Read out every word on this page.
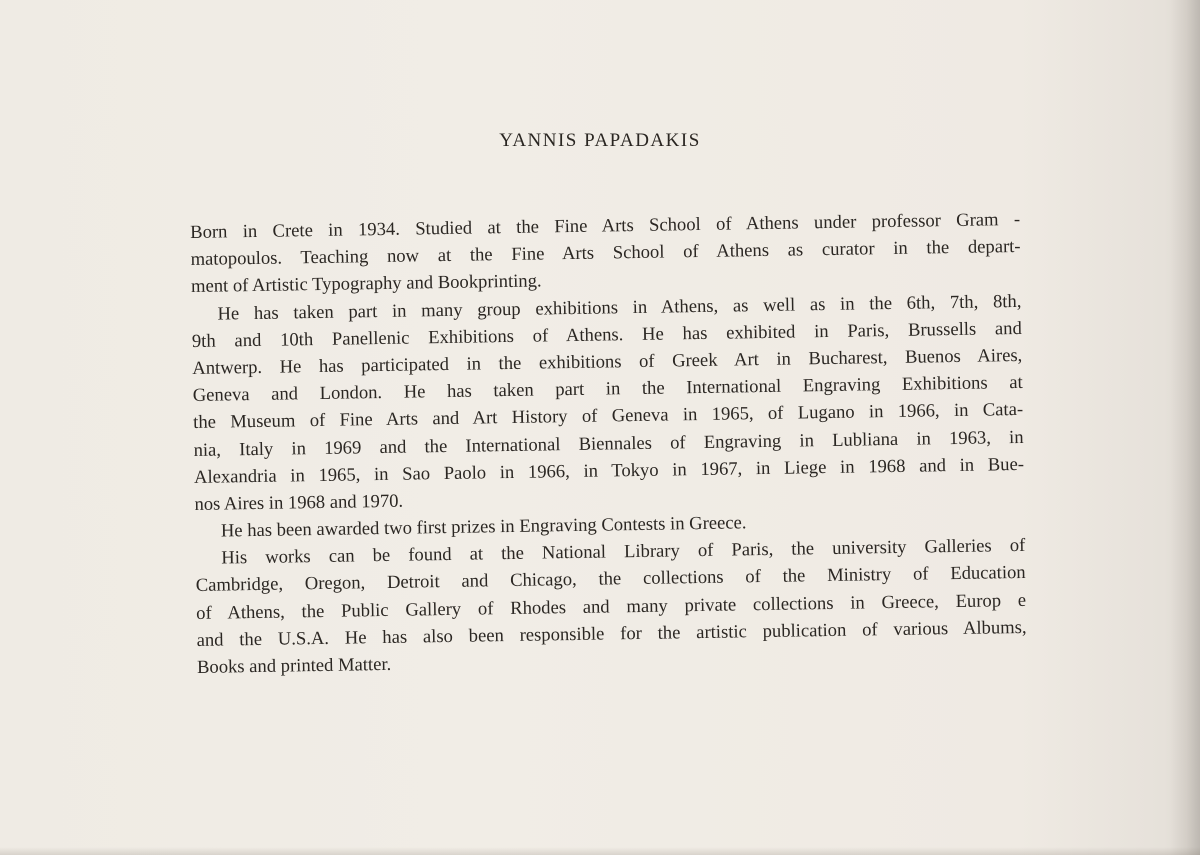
YANNIS PAPADAKIS
Born in Crete in 1934. Studied at the Fine Arts School of Athens under professor Gram -
matopoulos. Teaching now at the Fine Arts School of Athens as curator in the depart-
ment of Artistic Typography and Bookprinting.
He has taken part in many group exhibitions in Athens, as well as in the 6th, 7th, 8th,
9th and 10th Panellenic Exhibitions of Athens. He has exhibited in Paris, Brussells and
Antwerp. He has participated in the exhibitions of Greek Art in Bucharest, Buenos Aires,
Geneva and London. He has taken part in the International Engraving Exhibitions at
the Museum of Fine Arts and Art History of Geneva in 1965, of Lugano in 1966, in Cata-
nia, Italy in 1969 and the International Biennales of Engraving in Lubliana in 1963, in
Alexandria in 1965, in Sao Paolo in 1966, in Tokyo in 1967, in Liege in 1968 and in Bue-
nos Aires in 1968 and 1970.
He has been awarded two first prizes in Engraving Contests in Greece.
His works can be found at the National Library of Paris, the university Galleries of
Cambridge, Oregon, Detroit and Chicago, the collections of the Ministry of Education
of Athens, the Public Gallery of Rhodes and many private collections in Greece, Europ e
and the U.S.A. He has also been responsible for the artistic publication of various Albums,
Books and printed Matter.
